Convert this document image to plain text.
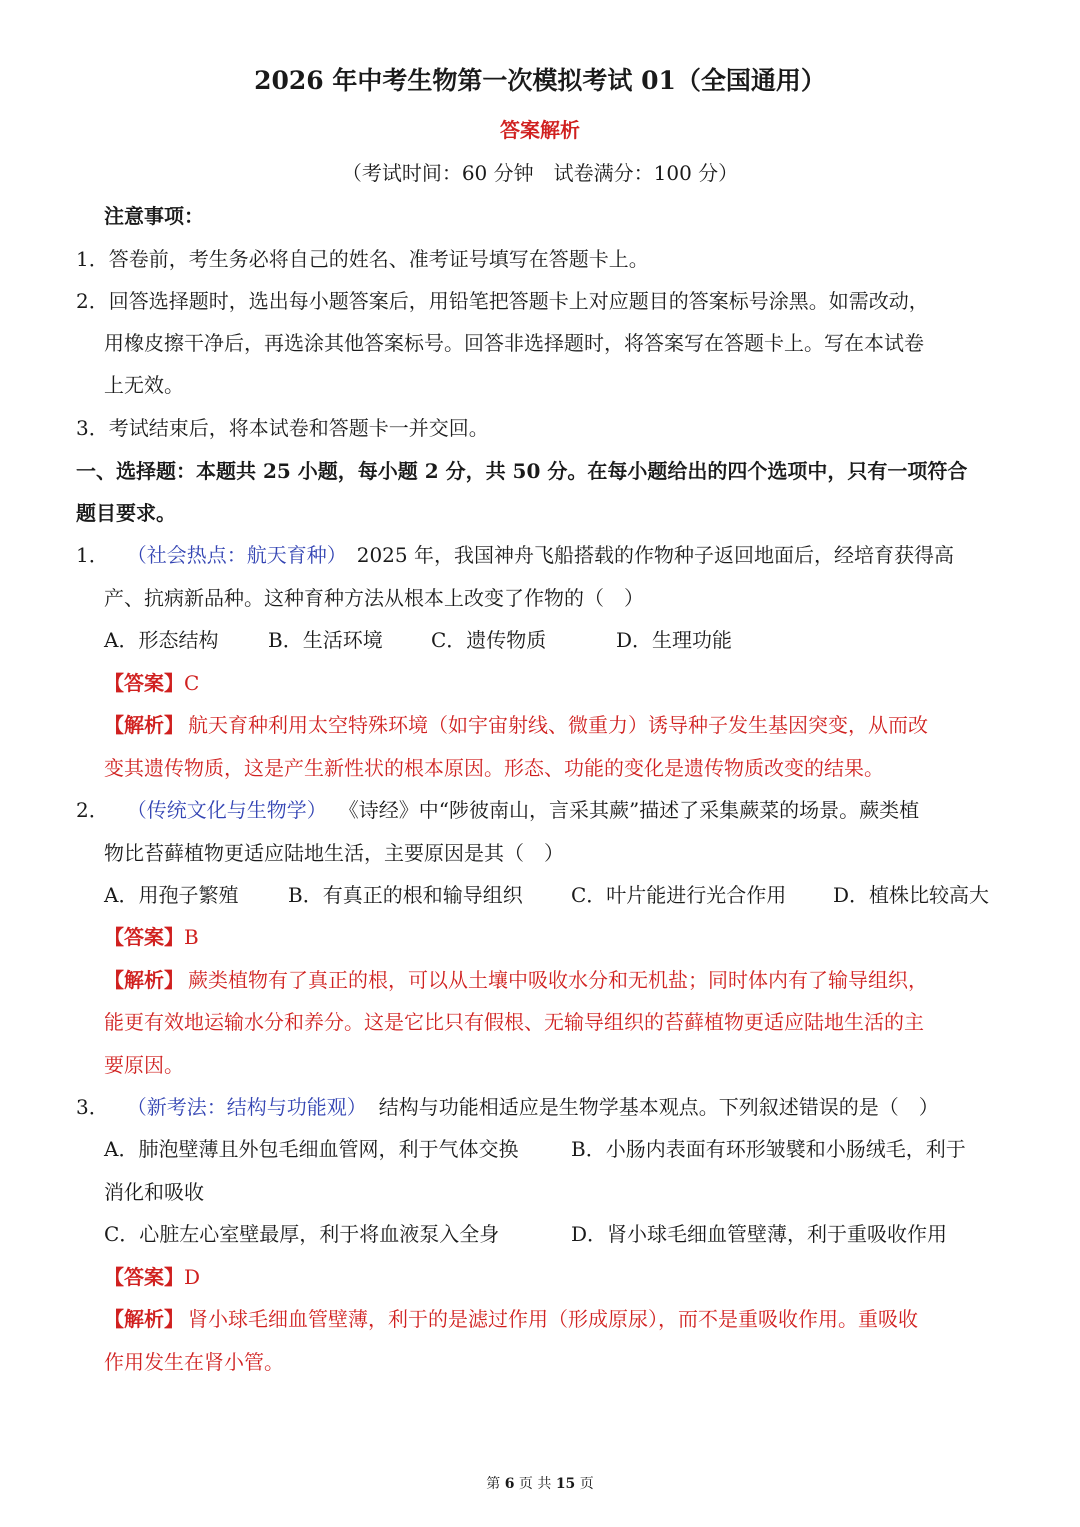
2026 年中考生物第一次模拟考试 01（全国通用）
答案解析
（考试时间：60 分钟　试卷满分：100 分）
注意事项：
1．答卷前，考生务必将自己的姓名、准考证号填写在答题卡上。
2．回答选择题时，选出每小题答案后，用铅笔把答题卡上对应题目的答案标号涂黑。如需改动，
用橡皮擦干净后，再选涂其他答案标号。回答非选择题时，将答案写在答题卡上。写在本试卷
上无效。
3．考试结束后，将本试卷和答题卡一并交回。
一、选择题：本题共 25 小题，每小题 2 分，共 50 分。在每小题给出的四个选项中，只有一项符合
题目要求。
1． （社会热点：航天育种） 2025 年，我国神舟飞船搭载的作物种子返回地面后，经培育获得高
产、抗病新品种。这种育种方法从根本上改变了作物的（　）
A．形态结构 B．生活环境 C．遗传物质	D．生理功能
【答案】C
【解析】 航天育种利用太空特殊环境（如宇宙射线、微重力）诱导种子发生基因突变，从而改
变其遗传物质，这是产生新性状的根本原因。形态、功能的变化是遗传物质改变的结果。
2． （传统文化与生物学） 《诗经》中“陟彼南山，言采其蕨”描述了采集蕨菜的场景。蕨类植
物比苔藓植物更适应陆地生活，主要原因是其（　）
A．用孢子繁殖 B．有真正的根和输导组织 C．叶片能进行光合作用 D．植株比较高大
【答案】B
【解析】 蕨类植物有了真正的根，可以从土壤中吸收水分和无机盐；同时体内有了输导组织，
能更有效地运输水分和养分。这是它比只有假根、无输导组织的苔藓植物更适应陆地生活的主
要原因。
3． （新考法：结构与功能观） 结构与功能相适应是生物学基本观点。下列叙述错误的是（　）
A．肺泡壁薄且外包毛细血管网，利于气体交换	B．小肠内表面有环形皱襞和小肠绒毛，利于
消化和吸收
C．心脏左心室壁最厚，利于将血液泵入全身	D．肾小球毛细血管壁薄，利于重吸收作用
【答案】D
【解析】 肾小球毛细血管壁薄，利于的是滤过作用（形成原尿），而不是重吸收作用。重吸收
作用发生在肾小管。
第 6 页 共 15 页
